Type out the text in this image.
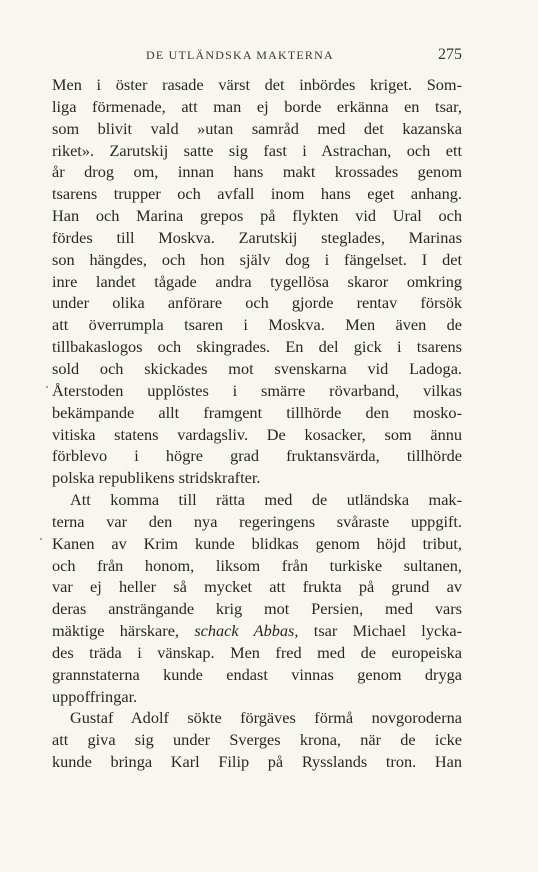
DE UTLÄNDSKA MAKTERNA	275
Men i öster rasade värst det inbördes kriget. Som-
liga förmenade, att man ej borde erkänna en tsar,
som blivit vald »utan samråd med det kazanska
riket». Zarutskij satte sig fast i Astrachan, och ett
år drog om, innan hans makt krossades genom
tsarens trupper och avfall inom hans eget anhang.
Han och Marina grepos på flykten vid Ural och
fördes till Moskva. Zarutskij steglades, Marinas
son hängdes, och hon själv dog i fängelset. I det
inre landet tågade andra tygellösa skaror omkring
under olika anförare och gjorde rentav försök
att överrumpla tsaren i Moskva. Men även de
tillbakaslogos och skingrades. En del gick i tsarens
sold och skickades mot svenskarna vid Ladoga.
Återstoden upplöstes i smärre rövarband, vilkas
bekämpande allt framgent tillhörde den mosko-
vitiska statens vardagsliv. De kosacker, som ännu
förblevo i högre grad fruktansvärda, tillhörde
polska republikens stridskrafter.
Att komma till rätta med de utländska mak-
terna var den nya regeringens svåraste uppgift.
Kanen av Krim kunde blidkas genom höjd tribut,
och från honom, liksom från turkiske sultanen,
var ej heller så mycket att frukta på grund av
deras ansträngande krig mot Persien, med vars
mäktige härskare, schack Abbas, tsar Michael lycka-
des träda i vänskap. Men fred med de europeiska
grannstaterna kunde endast vinnas genom dryga
uppoffringar.
Gustaf Adolf sökte förgäves förmå novgoroderna
att giva sig under Sverges krona, när de icke
kunde bringa Karl Filip på Rysslands tron. Han
